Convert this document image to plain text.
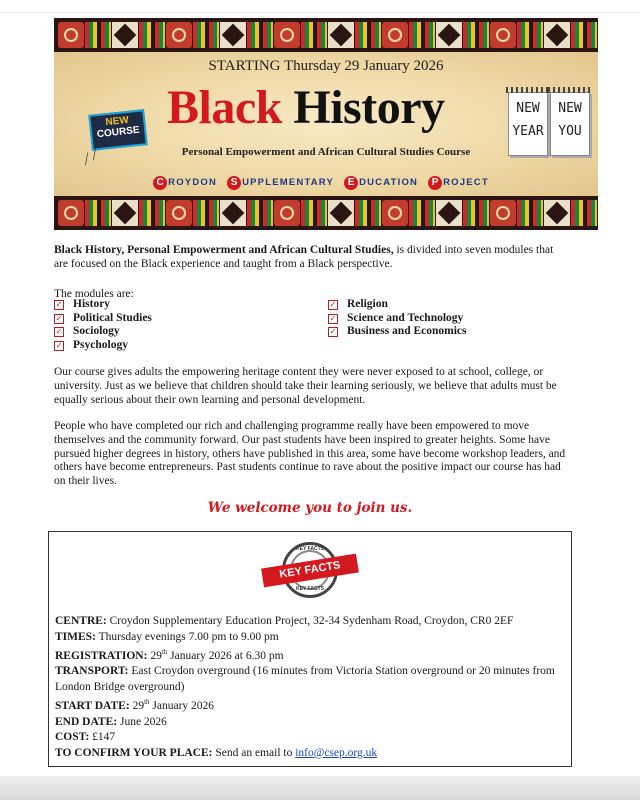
STARTING Thursday 29 January 2026
Black History
Personal Empowerment and African Cultural Studies Course
C ROYDON S UPPLEMENTARY E DUCATION P ROJECT
NEW
COURSE
⟋⟋
NEW
YEAR
NEW
YOU
Black History, Personal Empowerment and African Cultural Studies, is divided into seven modules that are focused on the Black experience and taught from a Black perspective.
The modules are:
✓ History
✓ Political Studies
✓ Sociology
✓ Psychology
✓ Religion
✓ Science and Technology
✓ Business and Economics
Our course gives adults the empowering heritage content they were never exposed to at school, college, or university. Just as we believe that children should take their learning seriously, we believe that adults must be equally serious about their own learning and personal development.
People who have completed our rich and challenging programme really have been empowered to move themselves and the community forward. Our past students have been inspired to greater heights. Some have pursued higher degrees in history, others have published in this area, some have become workshop leaders, and others have become entrepreneurs. Past students continue to rave about the positive impact our course has had on their lives.
We welcome you to join us.
KEY FACTS
KEY FACTS
KEY FACTS
CENTRE: Croydon Supplementary Education Project, 32-34 Sydenham Road, Croydon, CR0 2EF
TIMES: Thursday evenings 7.00 pm to 9.00 pm
REGISTRATION: 29th January 2026 at 6.30 pm
TRANSPORT: East Croydon overground (16 minutes from Victoria Station overground or 20 minutes from London Bridge overground)
START DATE: 29th January 2026
END DATE: June 2026
COST: £147
TO CONFIRM YOUR PLACE: Send an email to info@csep.org.uk
